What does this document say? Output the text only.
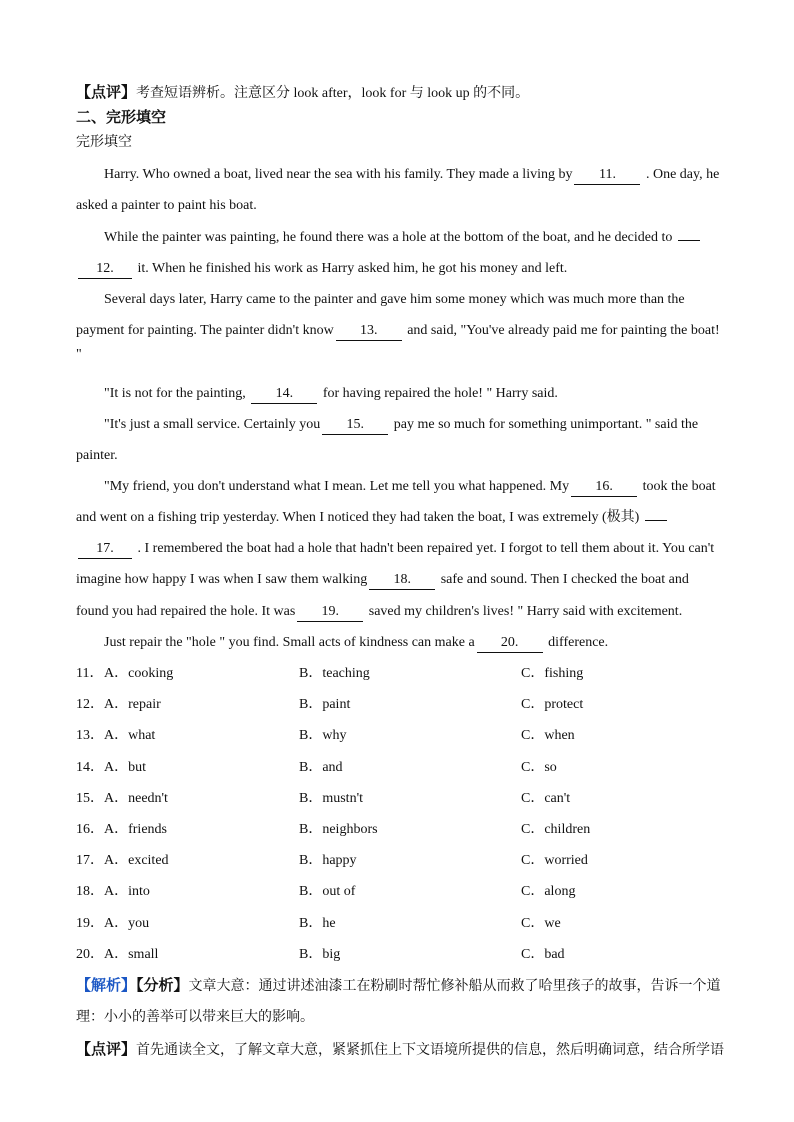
【点评】考查短语辨析。注意区分 look after，look for 与 look up 的不同。
二、完形填空
完形填空
Harry. Who owned a boat, lived near the sea with his family. They made a living by 11. . One day, he
asked a painter to paint his boat.
While the painter was painting, he found there was a hole at the bottom of the boat, and he decided to
12. it. When he finished his work as Harry asked him, he got his money and left.
Several days later, Harry came to the painter and gave him some money which was much more than the
payment for painting. The painter didn't know 13. and said, "You've already paid me for painting the boat!
"
"It is not for the painting, 14. for having repaired the hole! " Harry said.
"It's just a small service. Certainly you 15. pay me so much for something unimportant. " said the
painter.
"My friend, you don't understand what I mean. Let me tell you what happened. My 16. took the boat
and went on a fishing trip yesterday. When I noticed they had taken the boat, I was extremely (极其)
17. . I remembered the boat had a hole that hadn't been repaired yet. I forgot to tell them about it. You can't
imagine how happy I was when I saw them walking 18. safe and sound. Then I checked the boat and
found you had repaired the hole. It was 19. saved my children's lives! " Harry said with excitement.
Just repair the "hole " you find. Small acts of kindness can make a 20. difference.
11． A．cooking	B．teaching	C．fishing
12． A．repair	B．paint	C．protect
13． A．what	B．why	C．when
14． A．but	B．and	C．so
15． A．needn't	B．mustn't	C．can't
16． A．friends	B．neighbors	C．children
17． A．excited	B．happy	C．worried
18． A．into	B．out of	C．along
19． A．you	B．he	C．we
20． A．small	B．big	C．bad
【解析】【分析】文章大意：通过讲述油漆工在粉刷时帮忙修补船从而救了哈里孩子的故事，告诉一个道
理：小小的善举可以带来巨大的影响。
【点评】首先通读全文，了解文章大意，紧紧抓住上下文语境所提供的信息，然后明确词意，结合所学语
